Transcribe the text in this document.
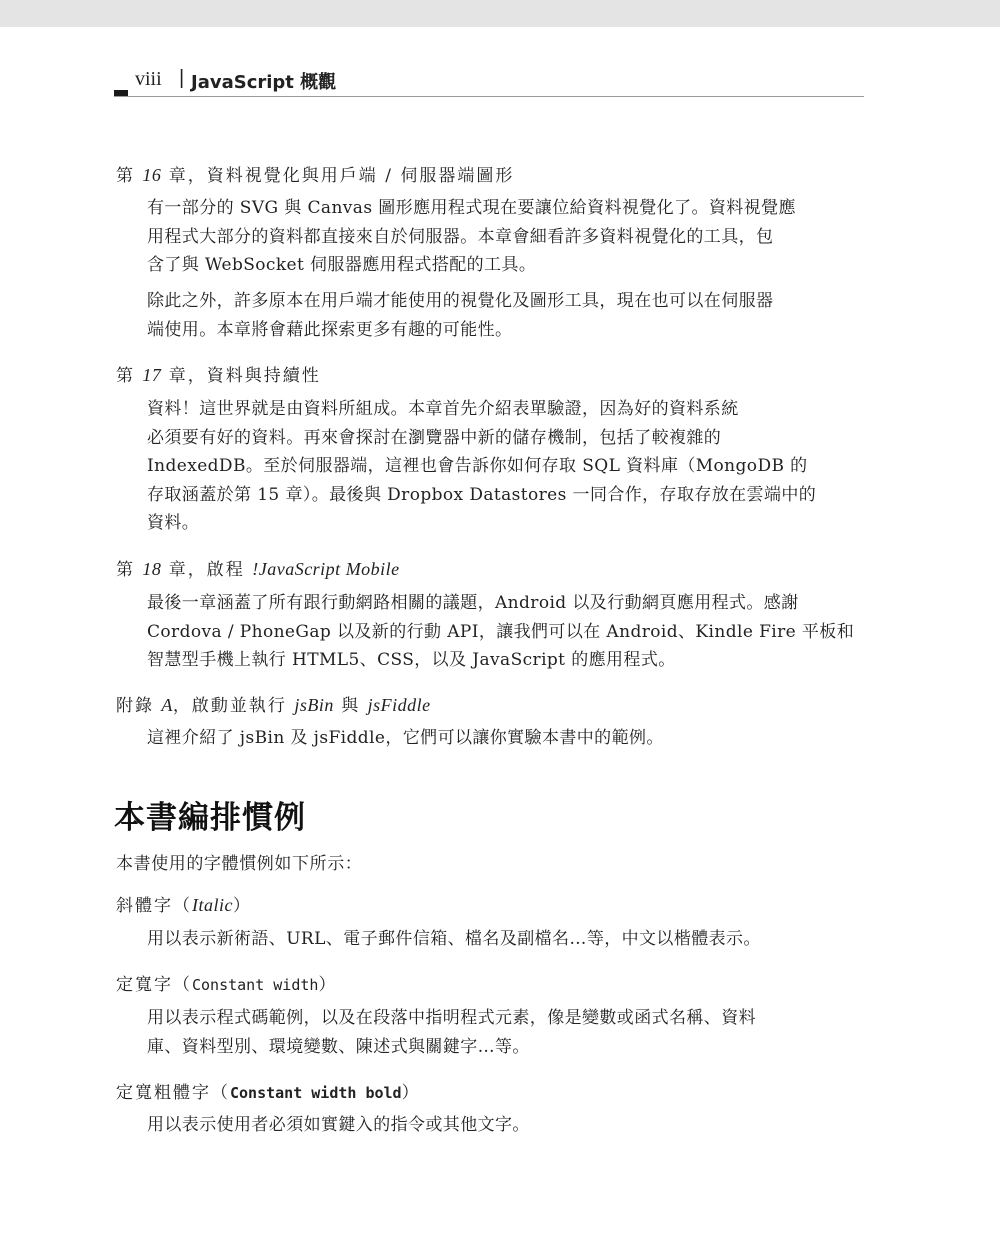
viii | JavaScript 概觀
第 16 章，資料視覺化與用戶端 / 伺服器端圖形
有一部分的 SVG 與 Canvas 圖形應用程式現在要讓位給資料視覺化了。資料視覺應
用程式大部分的資料都直接來自於伺服器。本章會細看許多資料視覺化的工具，包
含了與 WebSocket 伺服器應用程式搭配的工具。
除此之外，許多原本在用戶端才能使用的視覺化及圖形工具，現在也可以在伺服器
端使用。本章將會藉此探索更多有趣的可能性。
第 17 章，資料與持續性
資料！這世界就是由資料所組成。本章首先介紹表單驗證，因為好的資料系統
必須要有好的資料。再來會探討在瀏覽器中新的儲存機制，包括了較複雜的
IndexedDB。至於伺服器端，這裡也會告訴你如何存取 SQL 資料庫（MongoDB 的
存取涵蓋於第 15 章）。最後與 Dropbox Datastores 一同合作，存取存放在雲端中的
資料。
第 18 章，啟程 !JavaScript Mobile
最後一章涵蓋了所有跟行動網路相關的議題，Android 以及行動網頁應用程式。感謝
Cordova / PhoneGap 以及新的行動 API，讓我們可以在 Android、Kindle Fire 平板和
智慧型手機上執行 HTML5、CSS，以及 JavaScript 的應用程式。
附錄 A，啟動並執行 jsBin 與 jsFiddle
這裡介紹了 jsBin 及 jsFiddle，它們可以讓你實驗本書中的範例。
本書編排慣例
本書使用的字體慣例如下所示：
斜體字（Italic）
用以表示新術語、URL、電子郵件信箱、檔名及副檔名…等，中文以楷體表示。
定寬字（Constant width）
用以表示程式碼範例，以及在段落中指明程式元素，像是變數或函式名稱、資料
庫、資料型別、環境變數、陳述式與關鍵字…等。
定寬粗體字（Constant width bold）
用以表示使用者必須如實鍵入的指令或其他文字。
